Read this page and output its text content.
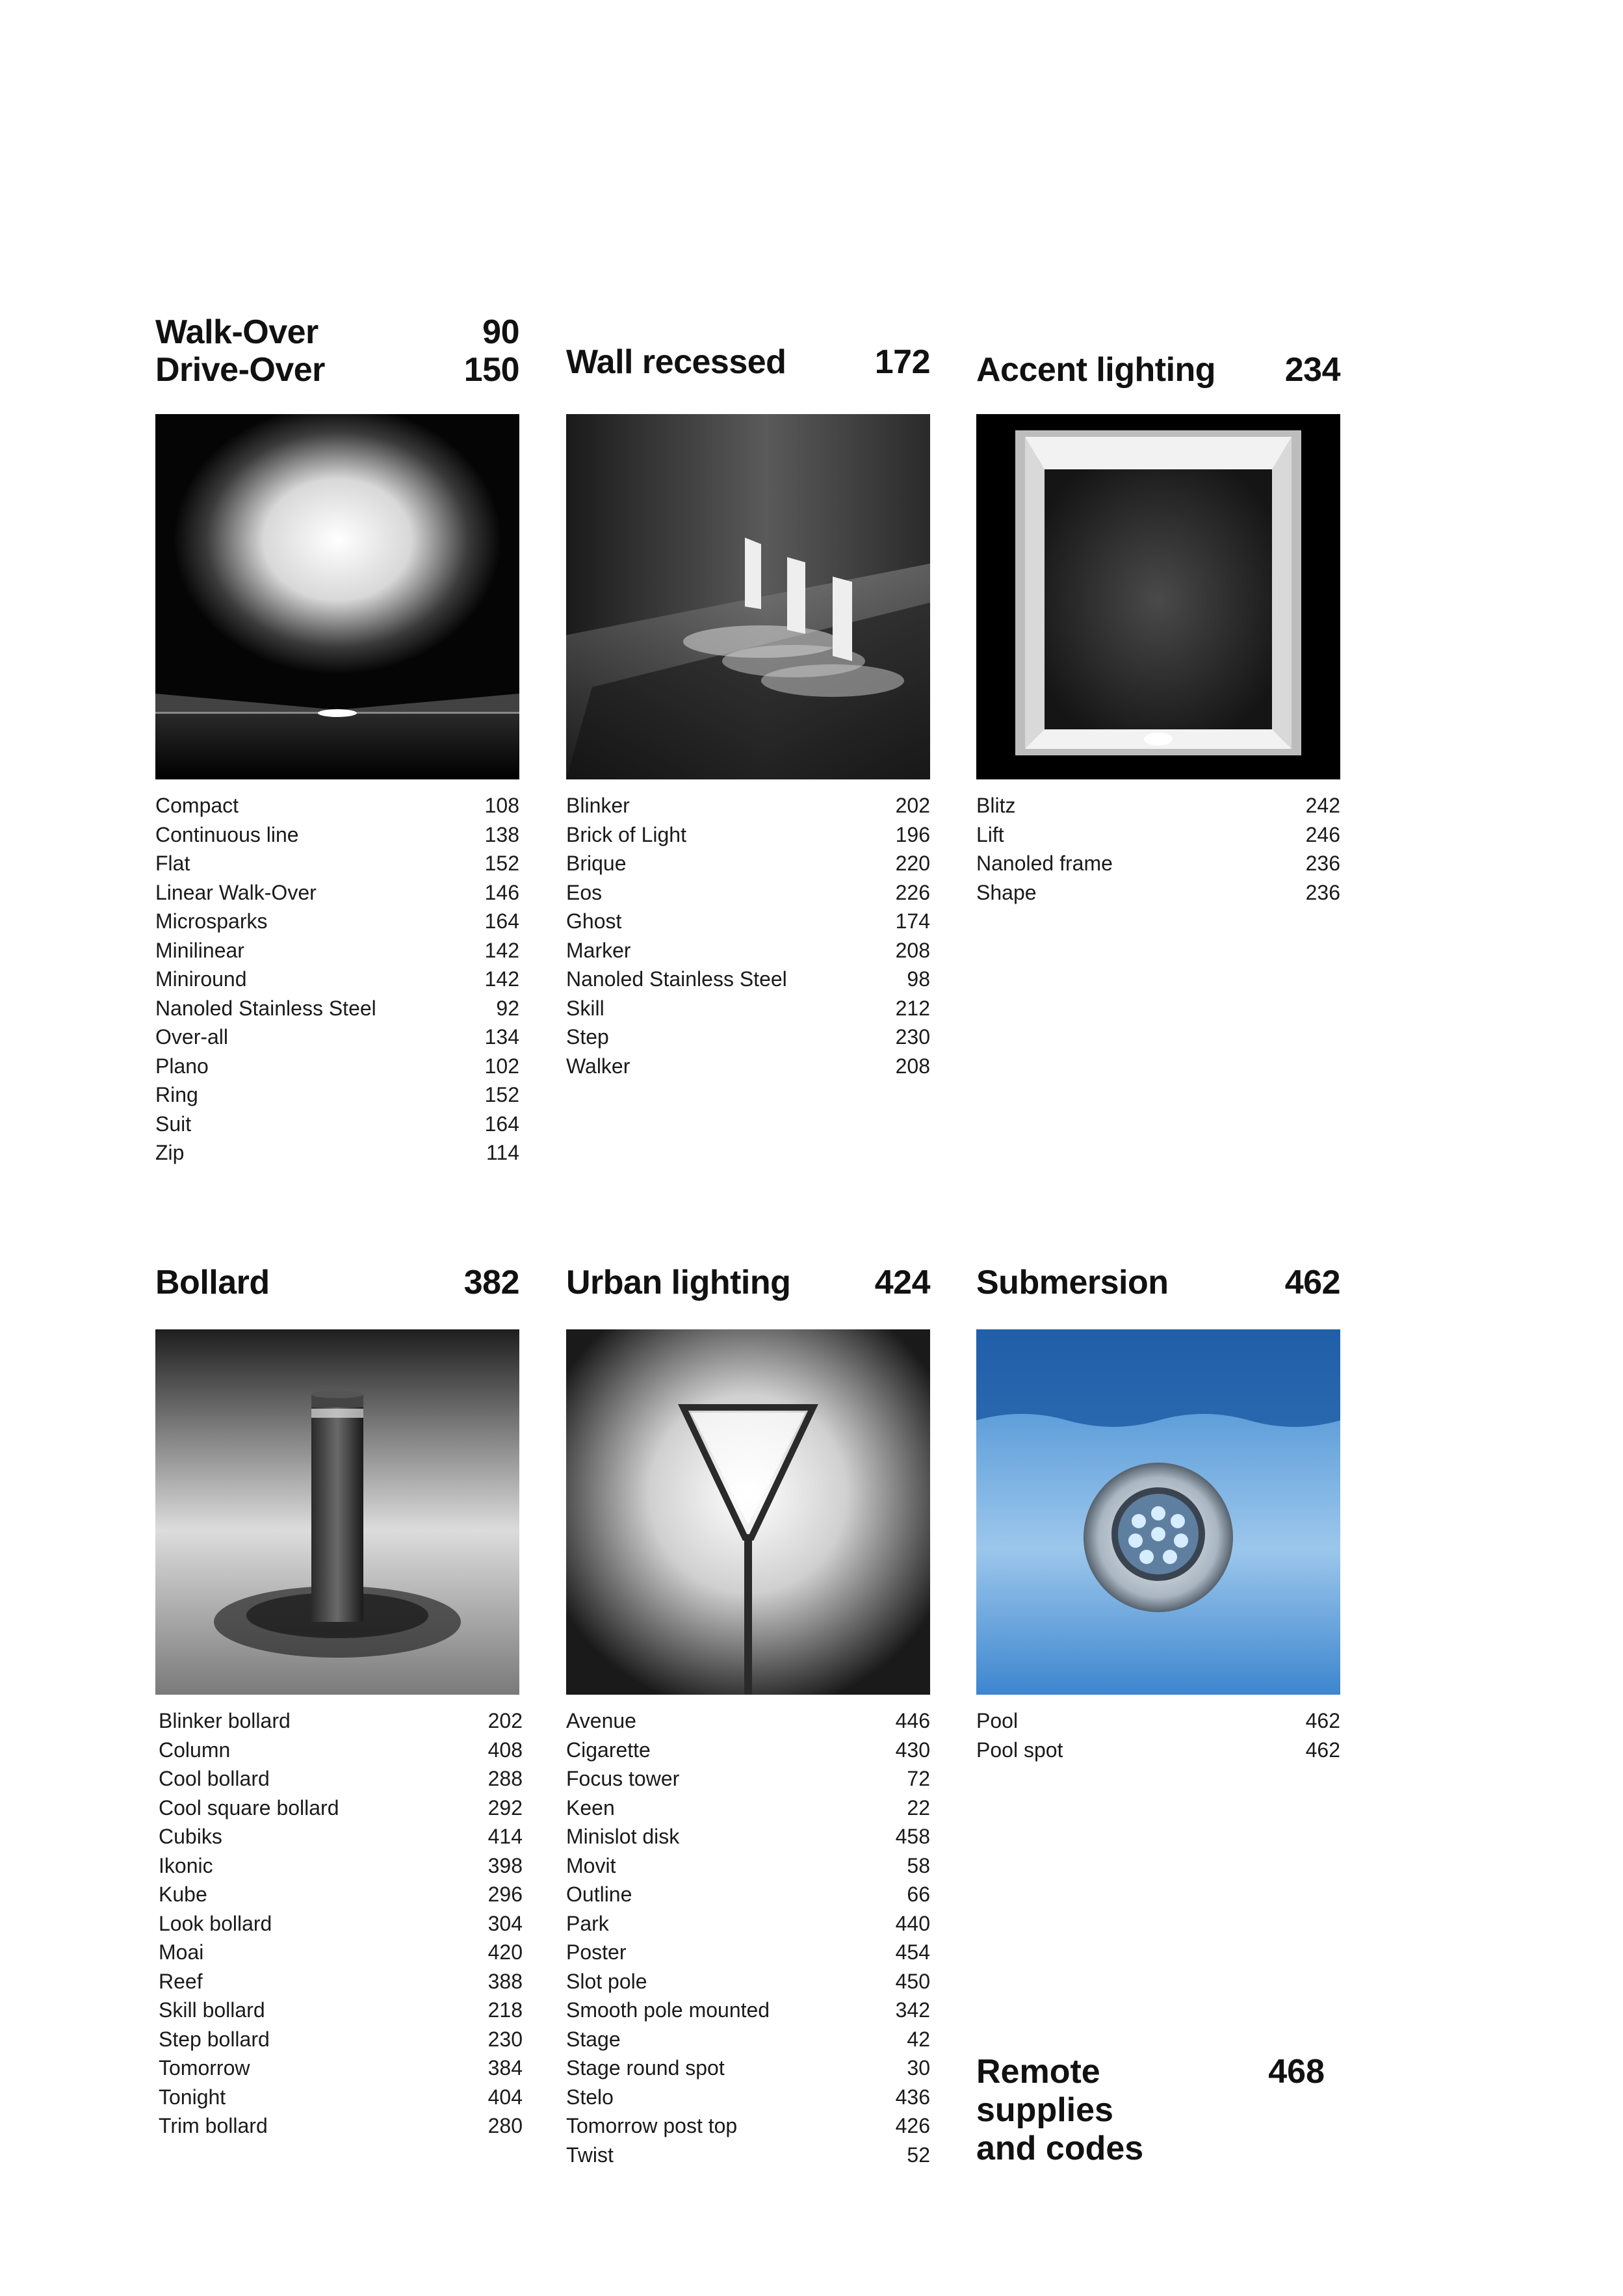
Walk-Over	90
Drive-Over	150
Compact	108
Continuous line	138
Flat	152
Linear Walk-Over	146
Microsparks	164
Minilinear	142
Miniround	142
Nanoled Stainless Steel	92
Over-all	134
Plano	102
Ring	152
Suit	164
Zip	114
Wall recessed	172
Blinker	202
Brick of Light	196
Brique	220
Eos	226
Ghost	174
Marker	208
Nanoled Stainless Steel	98
Skill	212
Step	230
Walker	208
Accent lighting 234
Blitz	242
Lift	246
Nanoled frame	236
Shape	236
Bollard	382
Blinker bollard	202
Column	408
Cool bollard	288
Cool square bollard	292
Cubiks	414
Ikonic	398
Kube	296
Look bollard	304
Moai	420
Reef	388
Skill bollard	218
Step bollard	230
Tomorrow	384
Tonight	404
Trim bollard	280
Urban lighting 424
Avenue	446
Cigarette	430
Focus tower	72
Keen	22
Minislot disk	458
Movit	58
Outline	66
Park	440
Poster	454
Slot pole	450
Smooth pole mounted	342
Stage	42
Stage round spot	30
Stelo	436
Tomorrow post top	426
Twist	52
Submersion	462
Pool	462
Pool spot	462
Remote
supplies
and codes
468
